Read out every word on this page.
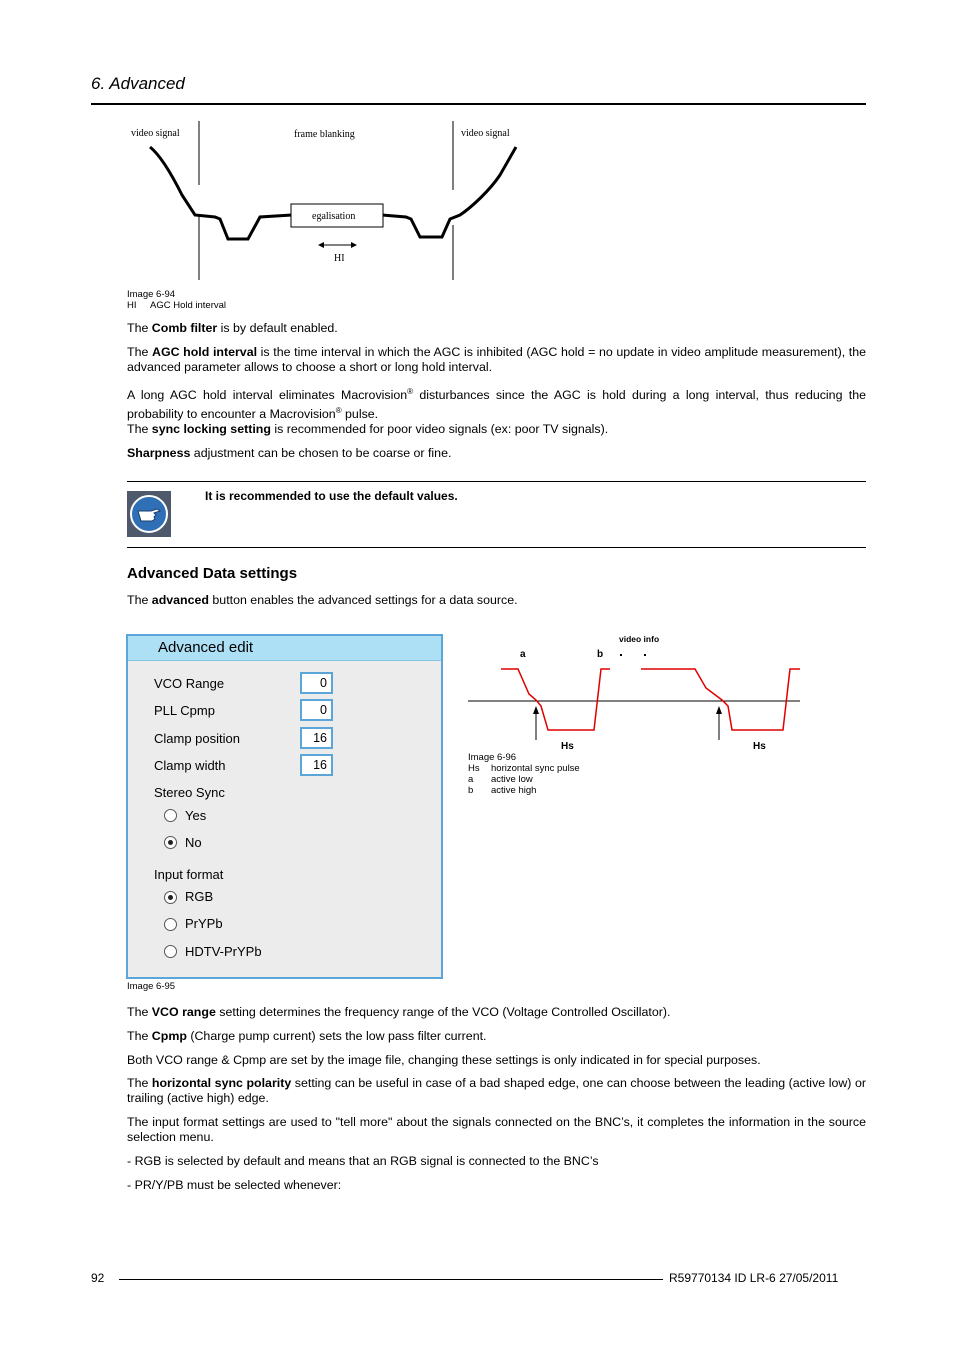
6. Advanced
video signal	frame blanking	video signal
egalisation
HI
Image 6-94
HI AGC Hold interval
The Comb filter is by default enabled.
The AGC hold interval is the time interval in which the AGC is inhibited (AGC hold = no update in video amplitude measurement), the advanced parameter allows to choose a short or long hold interval.
A long AGC hold interval eliminates Macrovision® disturbances since the AGC is hold during a long interval, thus reducing the probability to encounter a Macrovision® pulse.
The sync locking setting is recommended for poor video signals (ex: poor TV signals).
Sharpness adjustment can be chosen to be coarse or fine.
It is recommended to use the default values.
Advanced Data settings
The advanced button enables the advanced settings for a data source.
Advanced edit
VCO Range	0
PLL Cpmp	0
Clamp position	16
Clamp width	16
Stereo Sync
Yes
No
Input format
RGB
PrYPb
HDTV-PrYPb
Image 6-95
video info
a	b
Hs	Hs
Image 6-96
Hs horizontal sync pulse
a active low
b active high
The VCO range setting determines the frequency range of the VCO (Voltage Controlled Oscillator).
The Cpmp (Charge pump current) sets the low pass filter current.
Both VCO range & Cpmp are set by the image file, changing these settings is only indicated in for special purposes.
The horizontal sync polarity setting can be useful in case of a bad shaped edge, one can choose between the leading (active low) or trailing (active high) edge.
The input format settings are used to "tell more" about the signals connected on the BNC’s, it completes the information in the source selection menu.
- RGB is selected by default and means that an RGB signal is connected to the BNC’s
- PR/Y/PB must be selected whenever:
92	R59770134 ID LR-6 27/05/2011
